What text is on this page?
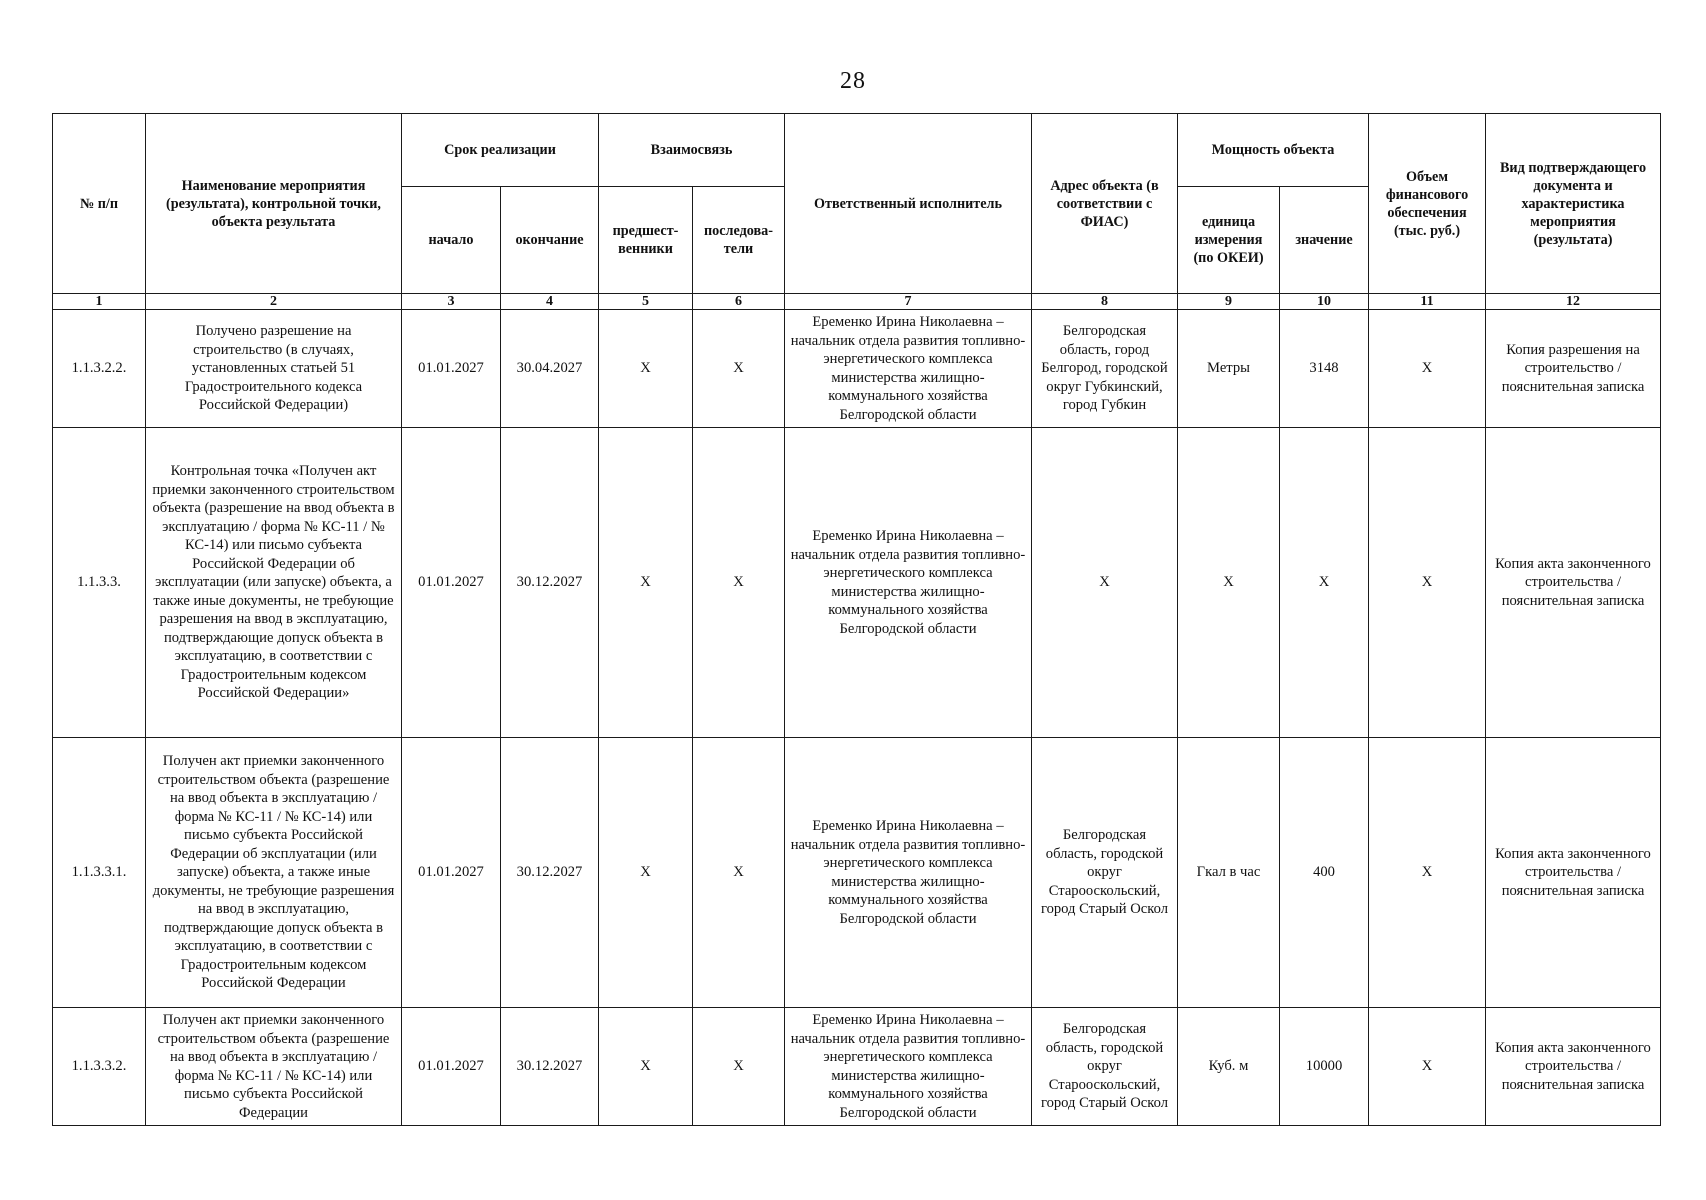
28
№ п/п	Наименование мероприятия (результата), контрольной точки, объекта результата	Срок реализации		Взаимосвязь		Ответственный исполнитель	Адрес объекта (в соответствии с ФИАС)	Мощность объекта		Объем финансового обеспечения (тыс. руб.)	Вид подтверждающего документа и характеристика мероприятия (результата)
		начало	окончание	предшест-венники	последова-тели			единица измерения (по ОКЕИ)	значение		
1	2	3	4	5	6	7	8	9	10	11	12
1.1.3.2.2.	Получено разрешение на строительство (в случаях, установленных статьей 51 Градостроительного кодекса Российской Федерации)	01.01.2027	30.04.2027	X	X	Еременко Ирина Николаевна – начальник отдела развития топливно-энергетического комплекса министерства жилищно-коммунального хозяйства Белгородской области	Белгородская область, город Белгород, городской округ Губкинский, город Губкин	Метры	3148	X	Копия разрешения на строительство / пояснительная записка
1.1.3.3.	Контрольная точка «Получен акт приемки законченного строительством объекта (разрешение на ввод объекта в эксплуатацию / форма № КС-11 / № КС-14) или письмо субъекта Российской Федерации об эксплуатации (или запуске) объекта, а также иные документы, не требующие разрешения на ввод в эксплуатацию, подтверждающие допуск объекта в эксплуатацию, в соответствии с Градостроительным кодексом Российской Федерации»	01.01.2027	30.12.2027	X	X	Еременко Ирина Николаевна – начальник отдела развития топливно-энергетического комплекса министерства жилищно-коммунального хозяйства Белгородской области	X	X	X	X	Копия акта законченного строительства / пояснительная записка
1.1.3.3.1.	Получен акт приемки законченного строительством объекта (разрешение на ввод объекта в эксплуатацию / форма № КС-11 / № КС-14) или письмо субъекта Российской Федерации об эксплуатации (или запуске) объекта, а также иные документы, не требующие разрешения на ввод в эксплуатацию, подтверждающие допуск объекта в эксплуатацию, в соответствии с Градостроительным кодексом Российской Федерации	01.01.2027	30.12.2027	X	X	Еременко Ирина Николаевна – начальник отдела развития топливно-энергетического комплекса министерства жилищно-коммунального хозяйства Белгородской области	Белгородская область, городской округ Старооскольский, город Старый Оскол	Гкал в час	400	X	Копия акта законченного строительства / пояснительная записка
1.1.3.3.2.	Получен акт приемки законченного строительством объекта (разрешение на ввод объекта в эксплуатацию / форма № КС-11 / № КС-14) или письмо субъекта Российской Федерации	01.01.2027	30.12.2027	X	X	Еременко Ирина Николаевна – начальник отдела развития топливно-энергетического комплекса министерства жилищно-коммунального хозяйства Белгородской области	Белгородская область, городской округ Старооскольский, город Старый Оскол	Куб. м	10000	X	Копия акта законченного строительства / пояснительная записка
